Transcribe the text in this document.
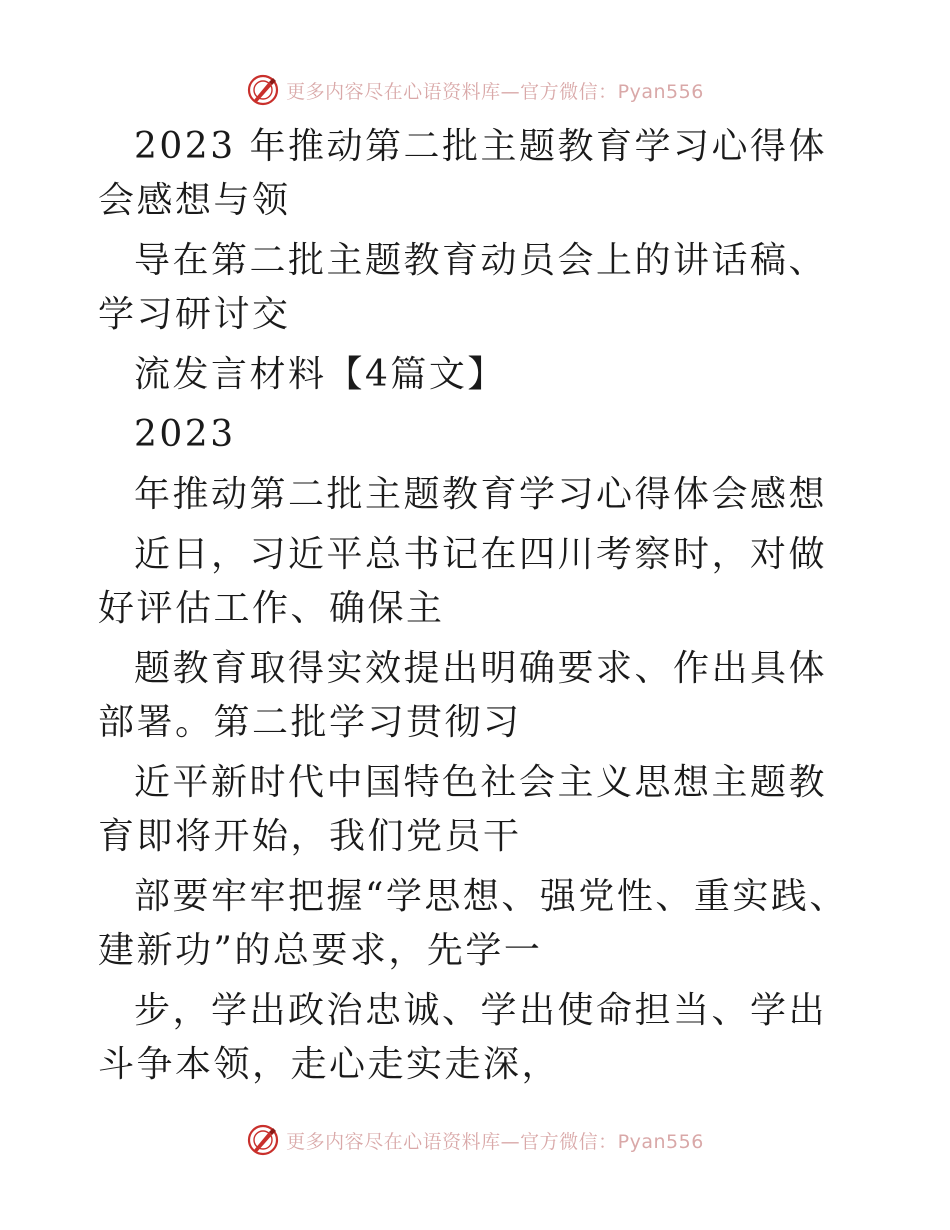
更多内容尽在心语资料库—官方微信：Pyan556

2023 年推动第二批主题教育学习心得体会感想与领

导在第二批主题教育动员会上的讲话稿、学习研讨交

流发言材料【4篇文】

2023

年推动第二批主题教育学习心得体会感想

近日，习近平总书记在四川考察时，对做好评估工作、确保主

题教育取得实效提出明确要求、作出具体部署。第二批学习贯彻习

近平新时代中国特色社会主义思想主题教育即将开始，我们党员干

部要牢牢把握“学思想、强党性、重实践、建新功”的总要求，先学一

步，学出政治忠诚、学出使命担当、学出斗争本领，走心走实走深，

更多内容尽在心语资料库—官方微信：Pyan556
